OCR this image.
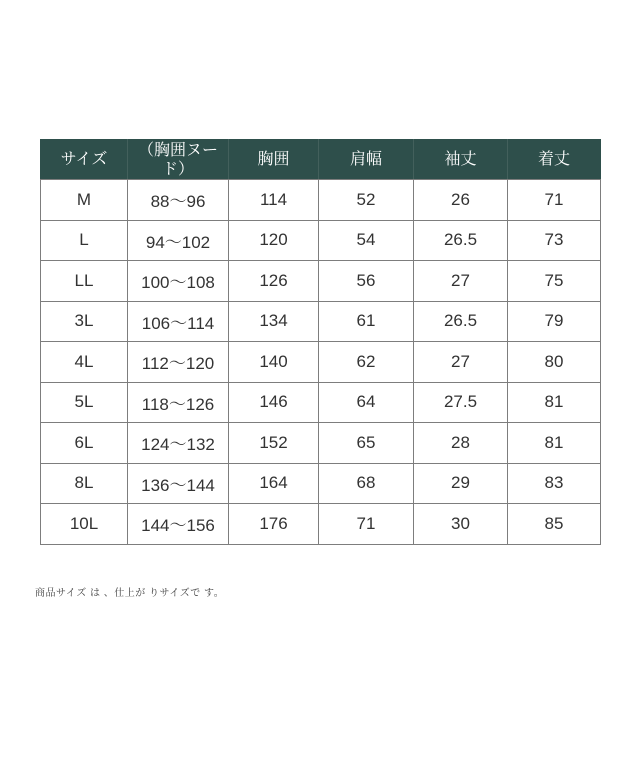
サイズ	（胸囲ヌード）	胸囲	肩幅	袖丈	着丈
M	88〜96	114	52	26	71
L	94〜102	120	54	26.5	73
LL	100〜108	126	56	27	75
3L	106〜114	134	61	26.5	79
4L	112〜120	140	62	27	80
5L	118〜126	146	64	27.5	81
6L	124〜132	152	65	28	81
8L	136〜144	164	68	29	83
10L	144〜156	176	71	30	85
商品サイズ は 、仕上が りサイズで す。
